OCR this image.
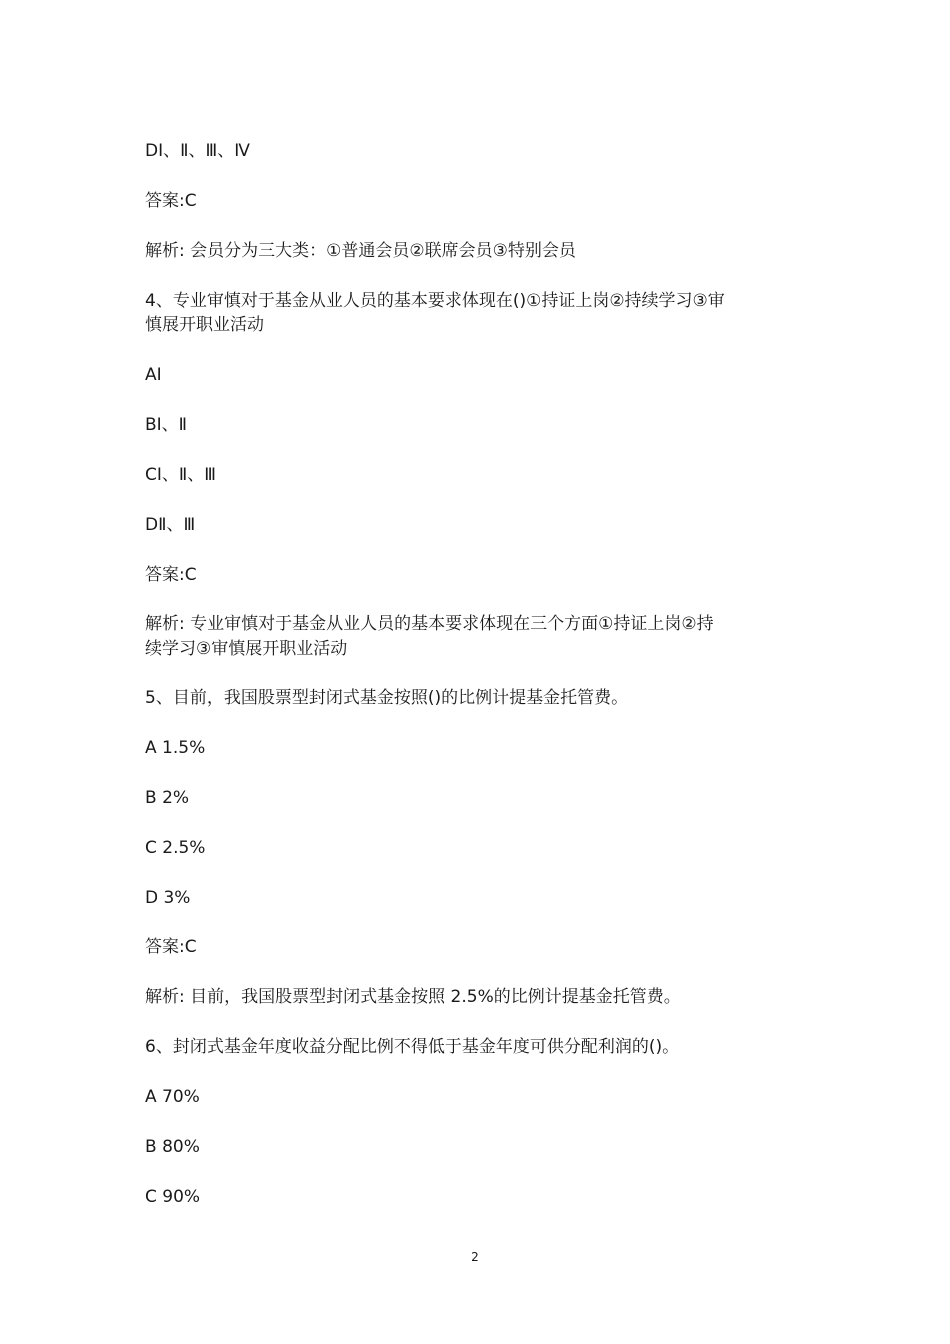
DⅠ、Ⅱ、Ⅲ、Ⅳ
答案:C
解析: 会员分为三大类：①普通会员②联席会员③特别会员
4、专业审慎对于基金从业人员的基本要求体现在()①持证上岗②持续学习③审
慎展开职业活动
AⅠ
BⅠ、Ⅱ
CⅠ、Ⅱ、Ⅲ
DⅡ、Ⅲ
答案:C
解析: 专业审慎对于基金从业人员的基本要求体现在三个方面①持证上岗②持
续学习③审慎展开职业活动
5、目前，我国股票型封闭式基金按照()的比例计提基金托管费。
A 1.5%
B 2%
C 2.5%
D 3%
答案:C
解析: 目前，我国股票型封闭式基金按照 2.5%的比例计提基金托管费。
6、封闭式基金年度收益分配比例不得低于基金年度可供分配利润的()。
A 70%
B 80%
C 90%
2
